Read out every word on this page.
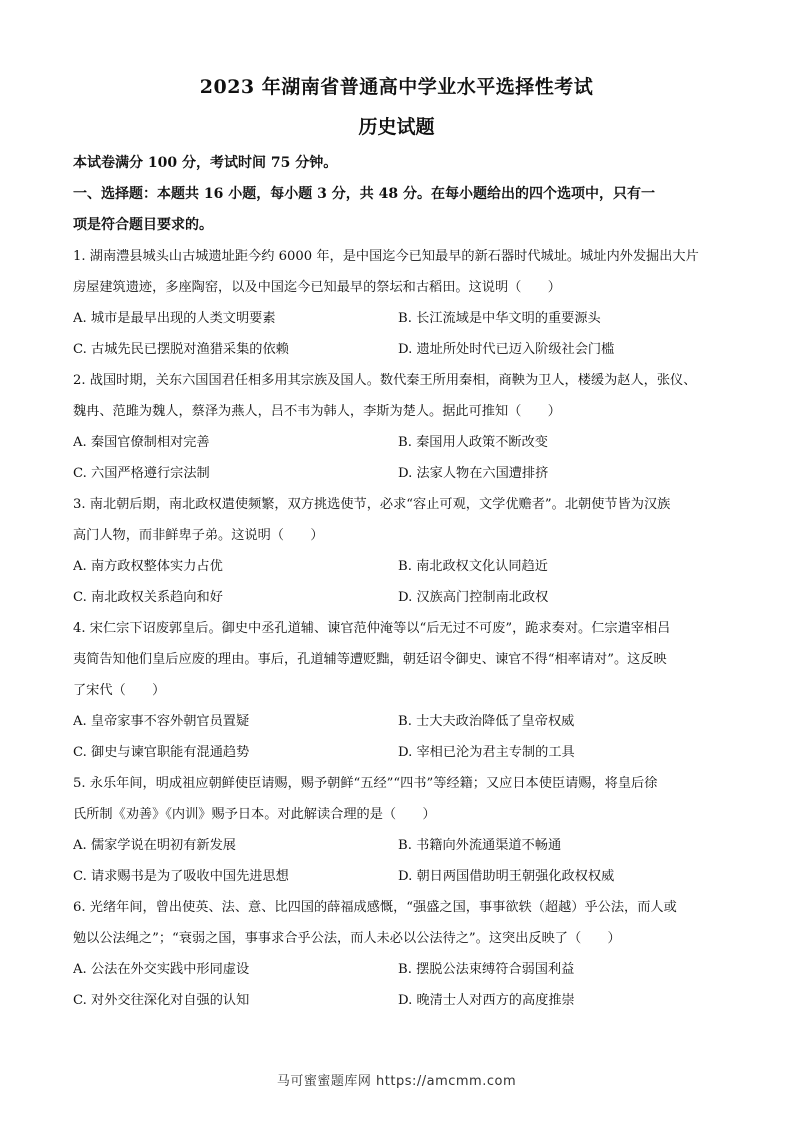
2023 年湖南省普通高中学业水平选择性考试
历史试题
本试卷满分 100 分，考试时间 75 分钟。
一、选择题：本题共 16 小题，每小题 3 分，共 48 分。在每小题给出的四个选项中，只有一
项是符合题目要求的。
1. 湖南澧县城头山古城遗址距今约 6000 年，是中国迄今已知最早的新石器时代城址。城址内外发掘出大片
房屋建筑遗迹，多座陶窑，以及中国迄今已知最早的祭坛和古稻田。这说明（　　）
A. 城市是最早出现的人类文明要素	B. 长江流域是中华文明的重要源头
C. 古城先民已摆脱对渔猎采集的依赖	D. 遗址所处时代已迈入阶级社会门槛
2. 战国时期，关东六国国君任相多用其宗族及国人。数代秦王所用秦相，商鞅为卫人，楼缓为赵人，张仪、
魏冉、范雎为魏人，蔡泽为燕人，吕不韦为韩人，李斯为楚人。据此可推知（　　）
A. 秦国官僚制相对完善	B. 秦国用人政策不断改变
C. 六国严格遵行宗法制	D. 法家人物在六国遭排挤
3. 南北朝后期，南北政权遣使频繁，双方挑选使节，必求“容止可观，文学优赡者”。北朝使节皆为汉族
高门人物，而非鲜卑子弟。这说明（　　）
A. 南方政权整体实力占优	B. 南北政权文化认同趋近
C. 南北政权关系趋向和好	D. 汉族高门控制南北政权
4. 宋仁宗下诏废郭皇后。御史中丞孔道辅、谏官范仲淹等以“后无过不可废”，跪求奏对。仁宗遣宰相吕
夷简告知他们皇后应废的理由。事后，孔道辅等遭贬黜，朝廷诏令御史、谏官不得“相率请对”。这反映
了宋代（　　）
A. 皇帝家事不容外朝官员置疑	B. 士大夫政治降低了皇帝权威
C. 御史与谏官职能有混通趋势	D. 宰相已沦为君主专制的工具
5. 永乐年间，明成祖应朝鲜使臣请赐，赐予朝鲜“五经”“四书”等经籍；又应日本使臣请赐，将皇后徐
氏所制《劝善》《内训》赐予日本。对此解读合理的是（　　）
A. 儒家学说在明初有新发展	B. 书籍向外流通渠道不畅通
C. 请求赐书是为了吸收中国先进思想	D. 朝日两国借助明王朝强化政权权威
6. 光绪年间，曾出使英、法、意、比四国的薛福成感慨，“强盛之国，事事欲轶（超越）乎公法，而人或
勉以公法绳之”；“衰弱之国，事事求合乎公法，而人未必以公法待之”。这突出反映了（　　）
A. 公法在外交实践中形同虚设	B. 摆脱公法束缚符合弱国利益
C. 对外交往深化对自强的认知	D. 晚清士人对西方的高度推崇
马可蜜蜜题库网 https://amcmm.com
